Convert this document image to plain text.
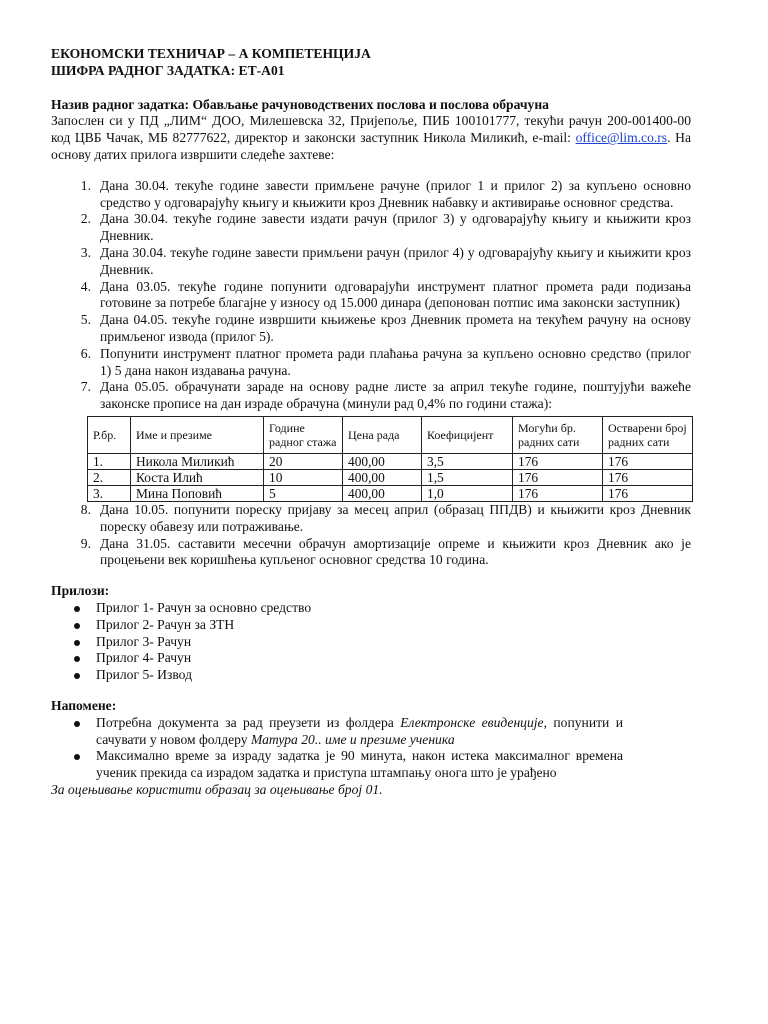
ЕКОНОМСКИ ТЕХНИЧАР – А КОМПЕТЕНЦИЈА

ШИФРА РАДНОГ ЗАДАТКА: ЕТ-А01

Назив радног задатка: Обављање рачуноводствених послова и послова обрачуна

Запослен си у ПД „ЛИМ“ ДОО, Милешевска 32, Пријепоље, ПИБ 100101777, текући рачун 200-001400-00 код ЦВБ Чачак, МБ 82777622, директор и законски заступник Никола Миликић, e-mail: office@lim.co.rs. На основу датих прилога извршити следеће захтеве:

1. Дана 30.04. текуће године завести примљене рачуне (прилог 1 и прилог 2) за купљено основно средство у одговарајућу књигу и књижити кроз Дневник набавку и активирање основног средства.
2. Дана 30.04. текуће године завести издати рачун (прилог 3) у одговарајућу књигу и књижити кроз Дневник.
3. Дана 30.04. текуће године завести примљени рачун (прилог 4) у одговарајућу књигу и књижити кроз Дневник.
4. Дана 03.05. текуће године попунити одговарајући инструмент платног промета ради подизања готовине за потребе благајне у износу од 15.000 динара (депонован потпис има законски заступник)
5. Дана 04.05. текуће године извршити књижење кроз Дневник промета на текућем рачуну на основу примљеног извода (прилог 5).
6. Попунити инструмент платног промета ради плаћања рачуна за купљено основно средство (прилог 1) 5 дана након издавања рачуна.
7. Дана 05.05. обрачунати зараде на основу радне листе за април текуће године, поштујући важеће законске прописе на дан израде обрачуна (минули рад 0,4% по години стажа):
Р.бр.	Име и презиме	Године радног стажа	Цена рада	Коефицијент	Могући бр. радних сати	Остварени број радних сати
1.	Никола Миликић	20	400,00	3,5	176	176
2.	Коста Илић	10	400,00	1,5	176	176
3.	Мина Поповић	5	400,00	1,0	176	176
8. Дана 10.05. попунити пореску пријаву за месец април (образац ППДВ) и књижити кроз Дневник пореску обавезу или потраживање.
9. Дана 31.05. саставити месечни обрачун амортизације опреме и књижити кроз Дневник ако је процењени век коришћења купљеног основног средства 10 година.

Прилози:

Прилог 1- Рачун за основно средство
Прилог 2- Рачун за ЗТН
Прилог 3- Рачун
Прилог 4- Рачун
Прилог 5- Извод

Напомене:

Потребна документа за рад преузети из фолдера Електронске евиденције, попунити и сачувати у новом фолдеру Матура 20.. име и презиме ученика
Максимално време за израду задатка је 90 минута, након истека максималног времена ученик прекида са израдом задатка и приступа штампању онога што је урађено

За оцењивање користити образац за оцењивање број 01.
